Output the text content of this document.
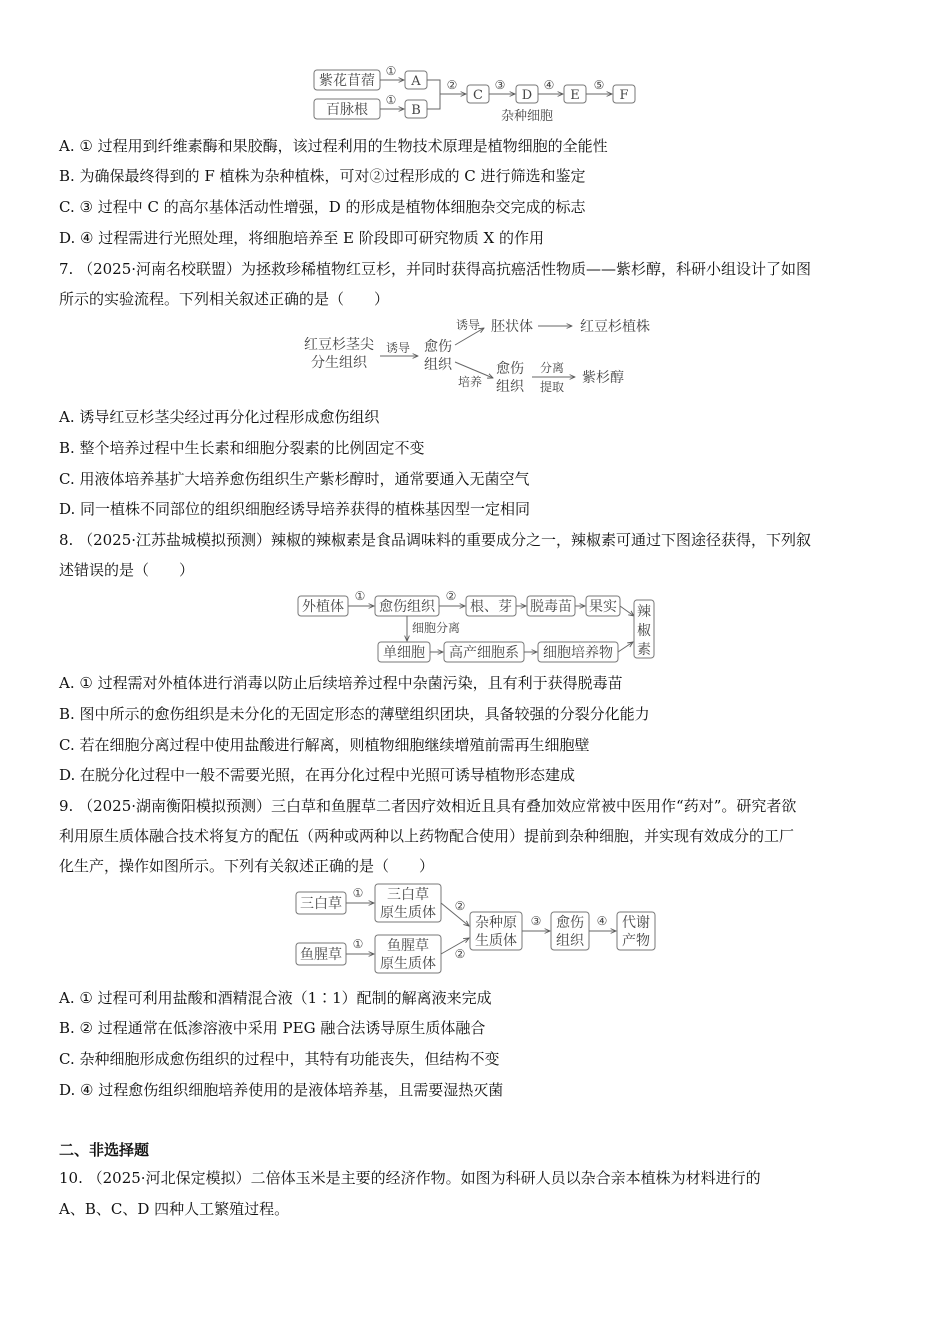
紫花苜蓿
百脉根
①
①
A
B
②
C
③
D
杂种细胞
④
E
⑤
F
A. ① 过程用到纤维素酶和果胶酶，该过程利用的生物技术原理是植物细胞的全能性
B. 为确保最终得到的 F 植株为杂种植株，可对②过程形成的 C 进行筛选和鉴定
C. ③ 过程中 C 的高尔基体活动性增强，D 的形成是植物体细胞杂交完成的标志
D. ④ 过程需进行光照处理，将细胞培养至 E 阶段即可研究物质 X 的作用
7. （2025·河南名校联盟）为拯救珍稀植物红豆杉，并同时获得高抗癌活性物质——紫杉醇，科研小组设计了如图
所示的实验流程。下列相关叙述正确的是（　　）
红豆杉茎尖
分生组织
诱导 愈伤
组织
诱导 胚状体	红豆杉植株
培养
愈伤
组织
分离
提取
紫杉醇
A. 诱导红豆杉茎尖经过再分化过程形成愈伤组织
B. 整个培养过程中生长素和细胞分裂素的比例固定不变
C. 用液体培养基扩大培养愈伤组织生产紫杉醇时，通常要通入无菌空气
D. 同一植株不同部位的组织细胞经诱导培养获得的植株基因型一定相同
8. （2025·江苏盐城模拟预测）辣椒的辣椒素是食品调味料的重要成分之一，辣椒素可通过下图途径获得，下列叙
述错误的是（　　）
外植体
①
愈伤组织
②
根、芽 脱毒苗 果实 辣
椒
素
细胞分离
单细胞 高产细胞系 细胞培养物
A. ① 过程需对外植体进行消毒以防止后续培养过程中杂菌污染，且有利于获得脱毒苗
B. 图中所示的愈伤组织是未分化的无固定形态的薄壁组织团块，具备较强的分裂分化能力
C. 若在细胞分离过程中使用盐酸进行解离，则植物细胞继续增殖前需再生细胞壁
D. 在脱分化过程中一般不需要光照，在再分化过程中光照可诱导植物形态建成
9. （2025·湖南衡阳模拟预测）三白草和鱼腥草二者因疗效相近且具有叠加效应常被中医用作“药对”。研究者欲
利用原生质体融合技术将复方的配伍（两种或两种以上药物配合使用）提前到杂种细胞，并实现有效成分的工厂
化生产，操作如图所示。下列有关叙述正确的是（　　）
三白草
① 三白草
原生质体
鱼腥草
① 鱼腥草
原生质体
②
②
杂种原
生质体
③ 愈伤
组织
④ 代谢
产物
A. ① 过程可利用盐酸和酒精混合液（1∶1）配制的解离液来完成
B. ② 过程通常在低渗溶液中采用 PEG 融合法诱导原生质体融合
C. 杂种细胞形成愈伤组织的过程中，其特有功能丧失，但结构不变
D. ④ 过程愈伤组织细胞培养使用的是液体培养基，且需要湿热灭菌
二、非选择题
10. （2025·河北保定模拟）二倍体玉米是主要的经济作物。如图为科研人员以杂合亲本植株为材料进行的
A、B、C、D 四种人工繁殖过程。
